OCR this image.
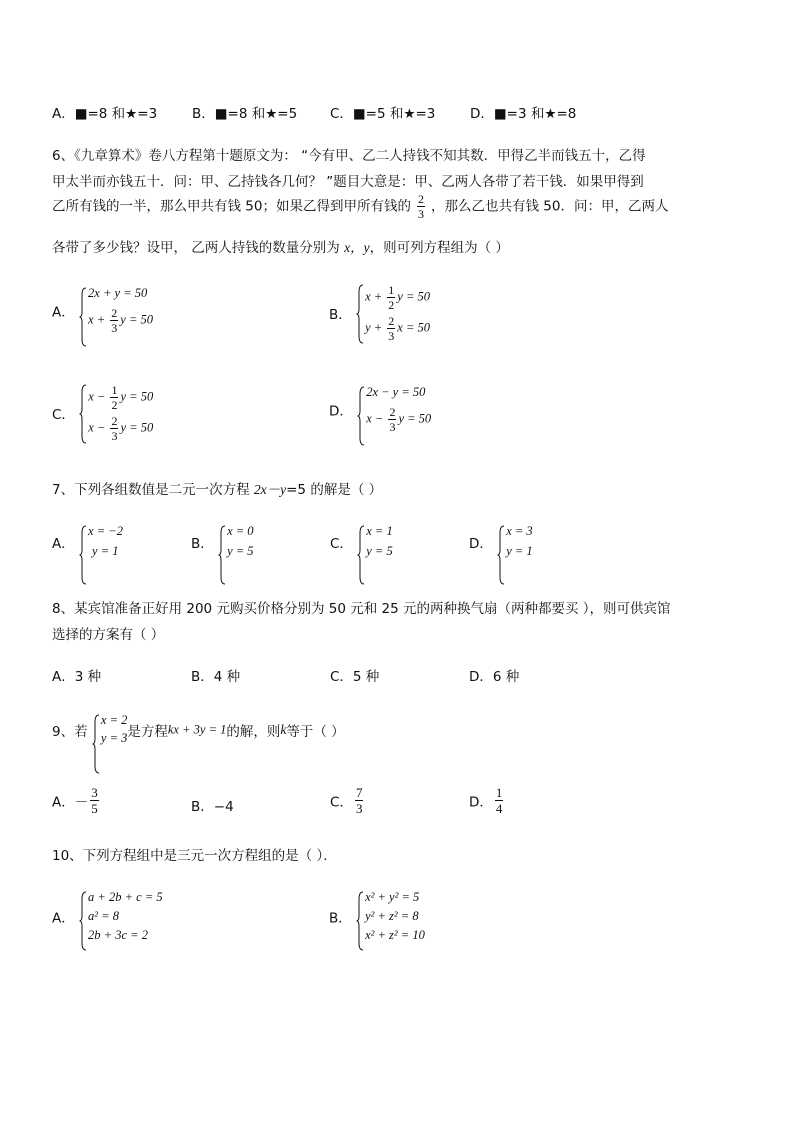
A．■=8 和★=3	B．■=8 和★=5 C．■=5 和★=3	D．■=3 和★=8
6、《九章算术》卷八方程第十题原文为： “今有甲、乙二人持钱不知其数．甲得乙半而钱五十，乙得
甲太半而亦钱五十．问：甲、乙持钱各几何？ ”题目大意是：甲、乙两人各带了若干钱．如果甲得到
乙所有钱的一半，那么甲共有钱 50；如果乙得到甲所有钱的 $\frac{2}{3}$ ，那么乙也共有钱 50．问：甲，乙两人
各带了多少钱？设甲， 乙两人持钱的数量分别为 x，y，则可列方程组为（ ）
A．
2x + y = 50
$x + \frac{2}{3}$ y = 50	B．
$x + \frac{1}{2}$ y = 50
$y + \frac{2}{3}$ x = 50
C．
$x - \frac{1}{2}$ y = 50
$x - \frac{2}{3}$ y = 50
D．
2x − y = 50
$x - \frac{2}{3}$ y = 50
7、下列各组数值是二元一次方程 2x－y=5 的解是（ ）
A．
x = −2
y = 1	B．
x = 0
y = 5	C．
x = 1
y = 5	D．
x = 3
y = 1
8、某宾馆准备正好用 200 元购买价格分别为 50 元和 25 元的两种换气扇（两种都要买 ），则可供宾馆
选择的方案有（ ）
A．3 种	B．4 种	C．5 种	D．6 种
9、若
x = 2
y = 3 是方程kx + 3y = 1的解，则k等于（ ）
A．－ $\frac{3}{5}$	B．−4	C． $\frac{7}{3}$	D． $\frac{1}{4}$
10、下列方程组中是三元一次方程组的是（ ）．
A．
a + 2b + c = 5
a² = 8
2b + 3c = 2
B．
x² + y² = 5
y² + z² = 8
x² + z² = 10
